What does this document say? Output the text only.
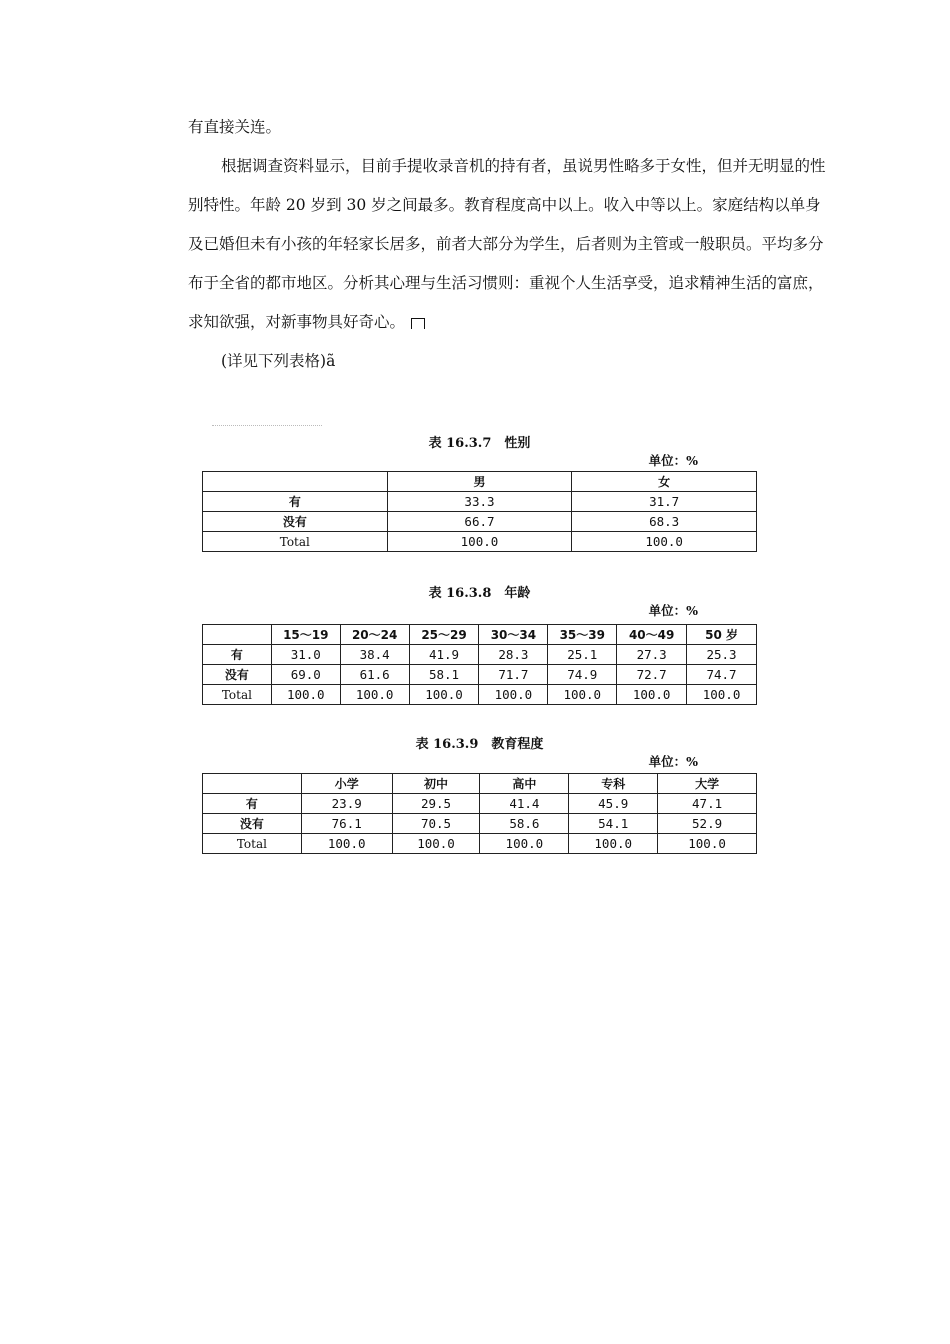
有直接关连。

根据调查资料显示，目前手提收录音机的持有者，虽说男性略多于女性，但并无明显的性别特性。年龄 20 岁到 30 岁之间最多。教育程度高中以上。收入中等以上。家庭结构以单身及已婚但未有小孩的年轻家长居多，前者大部分为学生，后者则为主管或一般职员。平均多分布于全省的都市地区。分析其心理与生活习惯则：重视个人生活享受，追求精神生活的富庶，求知欲强，对新事物具好奇心。

(详见下列表格)ã

表 16.3.7　性别

单位：%

	男	女
有	33.3	31.7
没有	66.7	68.3
Total	100.0	100.0

表 16.3.8　年龄

单位：%

	15～19	20～24	25～29	30～34	35～39	40～49	50 岁
有	31.0	38.4	41.9	28.3	25.1	27.3	25.3
没有	69.0	61.6	58.1	71.7	74.9	72.7	74.7
Total	100.0	100.0	100.0	100.0	100.0	100.0	100.0

表 16.3.9　教育程度

单位：%

	小学	初中	高中	专科	大学
有	23.9	29.5	41.4	45.9	47.1
没有	76.1	70.5	58.6	54.1	52.9
Total	100.0	100.0	100.0	100.0	100.0
